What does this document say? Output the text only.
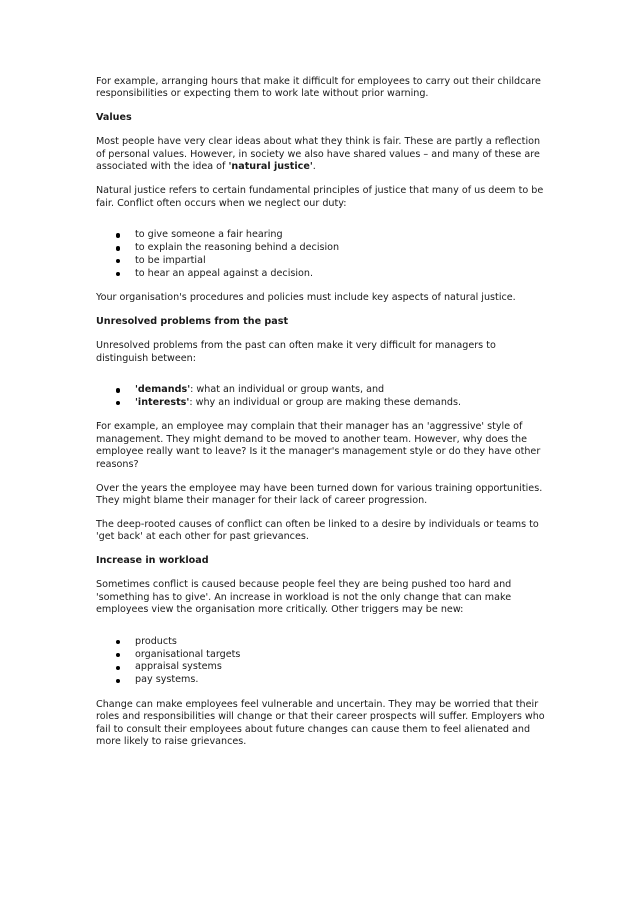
For example, arranging hours that make it difficult for employees to carry out their childcare responsibilities or expecting them to work late without prior warning.

Values

Most people have very clear ideas about what they think is fair. These are partly a reflection of personal values. However, in society we also have shared values – and many of these are associated with the idea of 'natural justice'.

Natural justice refers to certain fundamental principles of justice that many of us deem to be fair. Conflict often occurs when we neglect our duty:

to give someone a fair hearing
to explain the reasoning behind a decision
to be impartial
to hear an appeal against a decision.

Your organisation's procedures and policies must include key aspects of natural justice.

Unresolved problems from the past

Unresolved problems from the past can often make it very difficult for managers to distinguish between:

'demands': what an individual or group wants, and
'interests': why an individual or group are making these demands.

For example, an employee may complain that their manager has an 'aggressive' style of management. They might demand to be moved to another team. However, why does the employee really want to leave? Is it the manager's management style or do they have other reasons?

Over the years the employee may have been turned down for various training opportunities. They might blame their manager for their lack of career progression.

The deep-rooted causes of conflict can often be linked to a desire by individuals or teams to 'get back' at each other for past grievances.

Increase in workload

Sometimes conflict is caused because people feel they are being pushed too hard and 'something has to give'. An increase in workload is not the only change that can make employees view the organisation more critically. Other triggers may be new:

products
organisational targets
appraisal systems
pay systems.

Change can make employees feel vulnerable and uncertain. They may be worried that their roles and responsibilities will change or that their career prospects will suffer. Employers who fail to consult their employees about future changes can cause them to feel alienated and more likely to raise grievances.
